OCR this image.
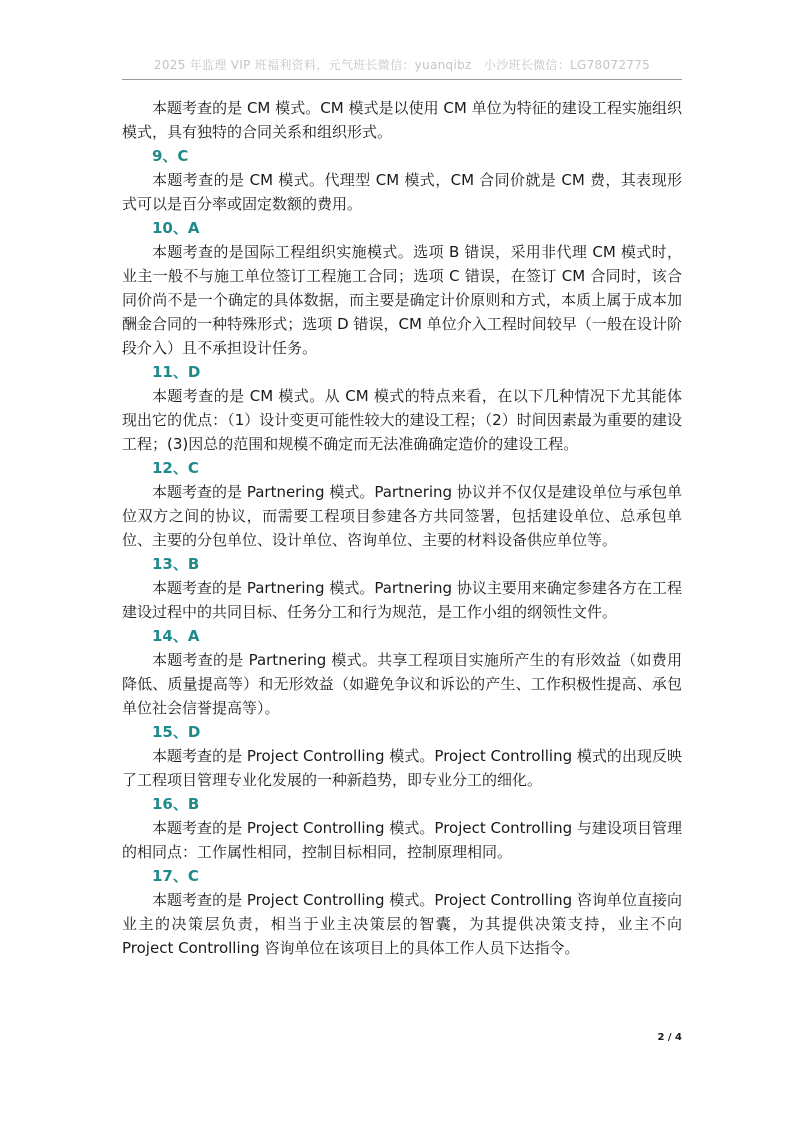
2025 年监理 VIP 班福利资料，元气班长微信：yuanqibz　小沙班长微信：LG78072775

本题考查的是 CM 模式。CM 模式是以使用 CM 单位为特征的建设工程实施组织模式，具有独特的合同关系和组织形式。

9、C

本题考查的是 CM 模式。代理型 CM 模式，CM 合同价就是 CM 费，其表现形式可以是百分率或固定数额的费用。

10、A

本题考查的是国际工程组织实施模式。选项 B 错误，采用非代理 CM 模式时，业主一般不与施工单位签订工程施工合同；选项 C 错误，在签订 CM 合同时，该合同价尚不是一个确定的具体数据，而主要是确定计价原则和方式，本质上属于成本加酬金合同的一种特殊形式；选项 D 错误，CM 单位介入工程时间较早（一般在设计阶段介入）且不承担设计任务。

11、D

本题考查的是 CM 模式。从 CM 模式的特点来看，在以下几种情况下尤其能体现出它的优点：（1）设计变更可能性较大的建设工程；（2）时间因素最为重要的建设工程；(3)因总的范围和规模不确定而无法准确确定造价的建设工程。

12、C

本题考查的是 Partnering 模式。Partnering 协议并不仅仅是建设单位与承包单位双方之间的协议，而需要工程项目参建各方共同签署，包括建设单位、总承包单位、主要的分包单位、设计单位、咨询单位、主要的材料设备供应单位等。

13、B

本题考查的是 Partnering 模式。Partnering 协议主要用来确定参建各方在工程建设过程中的共同目标、任务分工和行为规范，是工作小组的纲领性文件。

14、A

本题考查的是 Partnering 模式。共享工程项目实施所产生的有形效益（如费用降低、质量提高等）和无形效益（如避免争议和诉讼的产生、工作积极性提高、承包单位社会信誉提高等）。

15、D

本题考查的是 Project Controlling 模式。Project Controlling 模式的出现反映了工程项目管理专业化发展的一种新趋势，即专业分工的细化。

16、B

本题考查的是 Project Controlling 模式。Project Controlling 与建设项目管理的相同点：工作属性相同，控制目标相同，控制原理相同。

17、C

本题考查的是 Project Controlling 模式。Project Controlling 咨询单位直接向业主的决策层负责，相当于业主决策层的智囊，为其提供决策支持，业主不向 Project Controlling 咨询单位在该项目上的具体工作人员下达指令。

2 / 4
